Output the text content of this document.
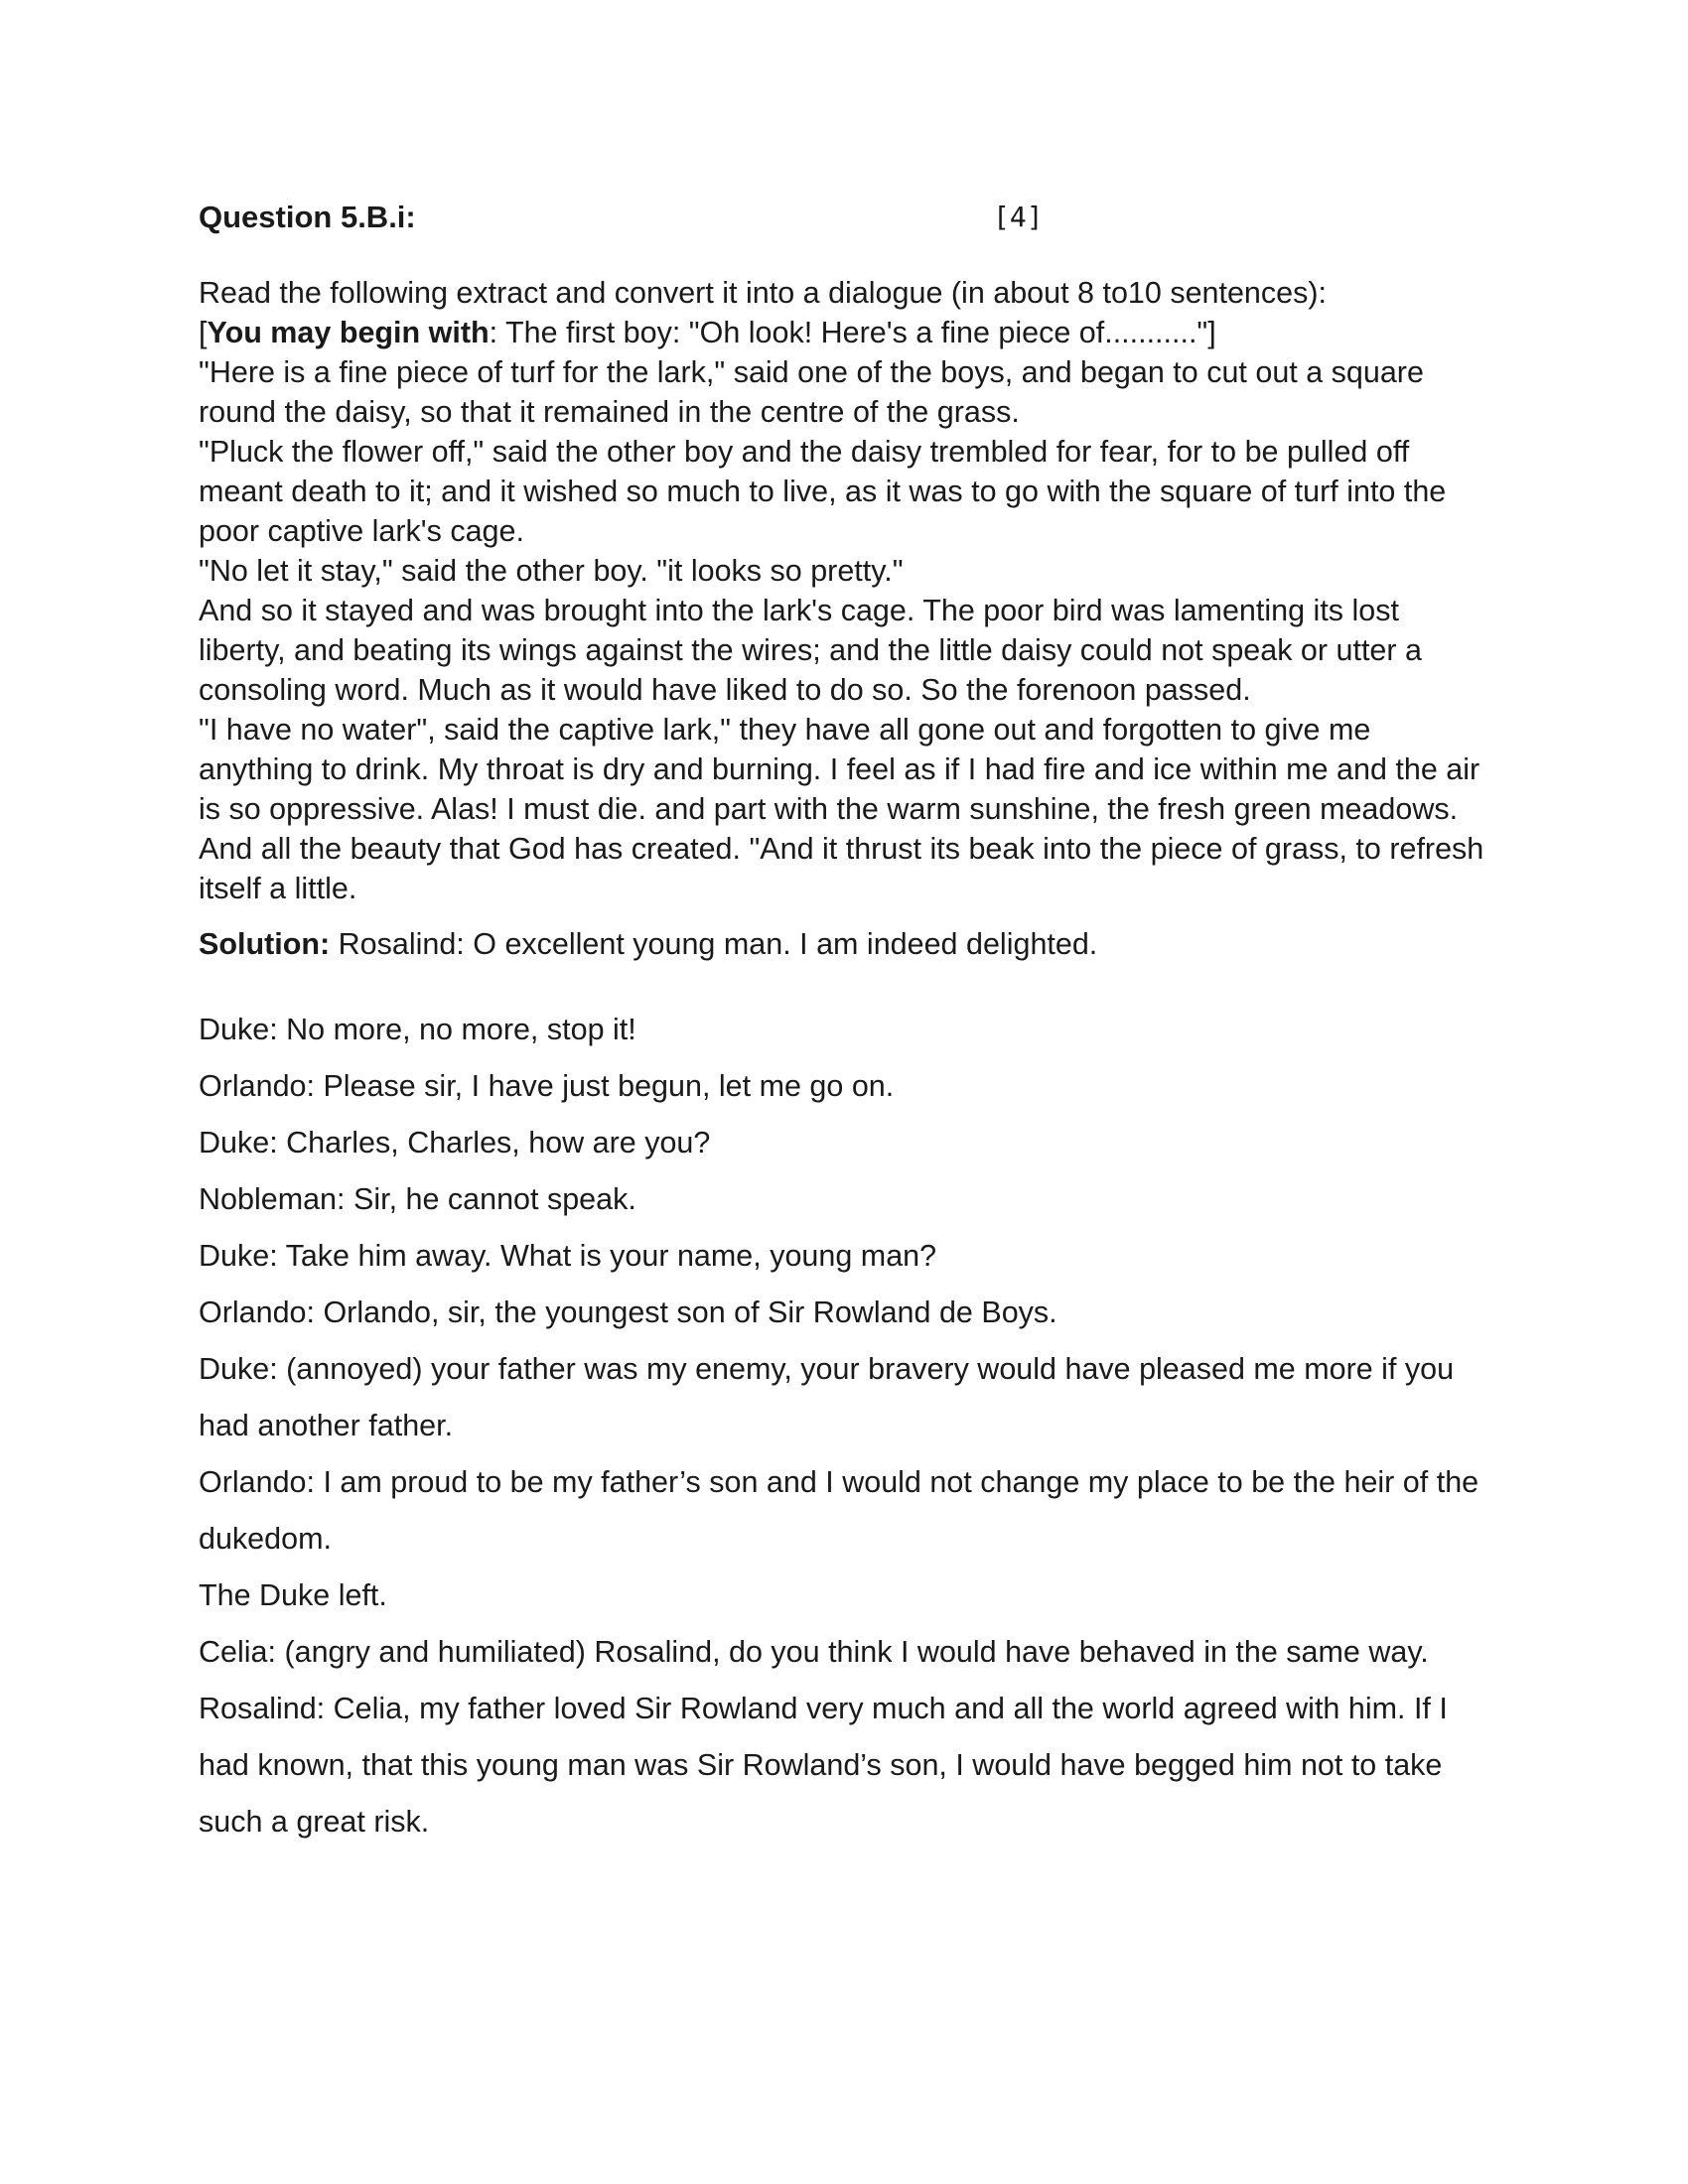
Question 5.B.i:	[4]

Read the following extract and convert it into a dialogue (in about 8 to10 sentences):

[You may begin with: The first boy: "Oh look! Here's a fine piece of..........."]

"Here is a fine piece of turf for the lark," said one of the boys, and began to cut out a square round the daisy, so that it remained in the centre of the grass.

"Pluck the flower off," said the other boy and the daisy trembled for fear, for to be pulled off meant death to it; and it wished so much to live, as it was to go with the square of turf into the poor captive lark's cage.

"No let it stay," said the other boy. "it looks so pretty."

And so it stayed and was brought into the lark's cage. The poor bird was lamenting its lost liberty, and beating its wings against the wires; and the little daisy could not speak or utter a consoling word. Much as it would have liked to do so. So the forenoon passed.

"I have no water", said the captive lark," they have all gone out and forgotten to give me anything to drink. My throat is dry and burning. I feel as if I had fire and ice within me and the air is so oppressive. Alas! I must die. and part with the warm sunshine, the fresh green meadows. And all the beauty that God has created. "And it thrust its beak into the piece of grass, to refresh itself a little.

Solution: Rosalind: O excellent young man. I am indeed delighted.

Duke: No more, no more, stop it!

Orlando: Please sir, I have just begun, let me go on.

Duke: Charles, Charles, how are you?

Nobleman: Sir, he cannot speak.

Duke: Take him away. What is your name, young man?

Orlando: Orlando, sir, the youngest son of Sir Rowland de Boys.

Duke: (annoyed) your father was my enemy, your bravery would have pleased me more if you had another father.

Orlando: I am proud to be my father’s son and I would not change my place to be the heir of the dukedom.

The Duke left.

Celia: (angry and humiliated) Rosalind, do you think I would have behaved in the same way.

Rosalind: Celia, my father loved Sir Rowland very much and all the world agreed with him. If I had known, that this young man was Sir Rowland’s son, I would have begged him not to take such a great risk.
